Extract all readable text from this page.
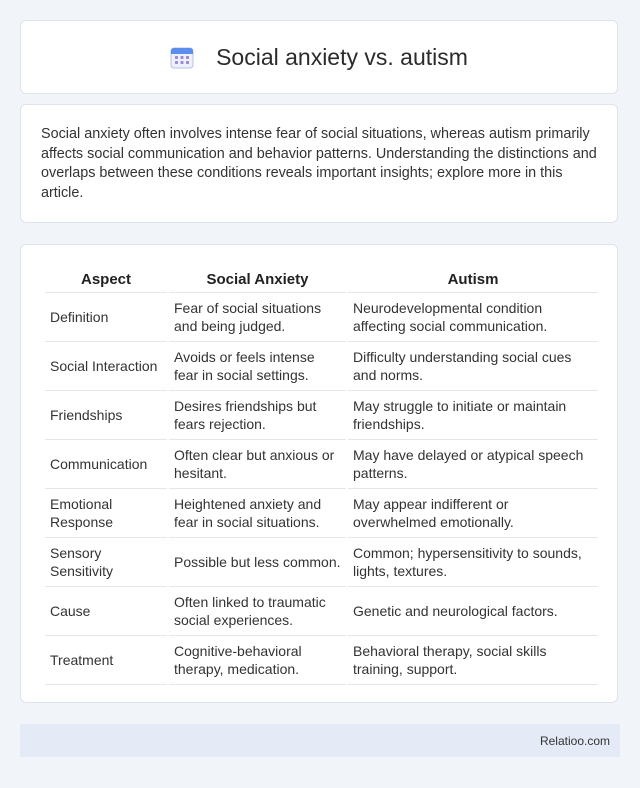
Social anxiety vs. autism

Social anxiety often involves intense fear of social situations, whereas autism primarily affects social communication and behavior patterns. Understanding the distinctions and overlaps between these conditions reveals important insights; explore more in this article.

Aspect	Social Anxiety	Autism
Definition	Fear of social situations and being judged.	Neurodevelopmental condition affecting social communication.
Social Interaction	Avoids or feels intense fear in social settings.	Difficulty understanding social cues and norms.
Friendships	Desires friendships but fears rejection.	May struggle to initiate or maintain friendships.
Communication	Often clear but anxious or hesitant.	May have delayed or atypical speech patterns.
Emotional Response	Heightened anxiety and fear in social situations.	May appear indifferent or overwhelmed emotionally.
Sensory Sensitivity	Possible but less common.	Common; hypersensitivity to sounds, lights, textures.
Cause	Often linked to traumatic social experiences.	Genetic and neurological factors.
Treatment	Cognitive-behavioral therapy, medication.	Behavioral therapy, social skills training, support.
Relatioo.com
